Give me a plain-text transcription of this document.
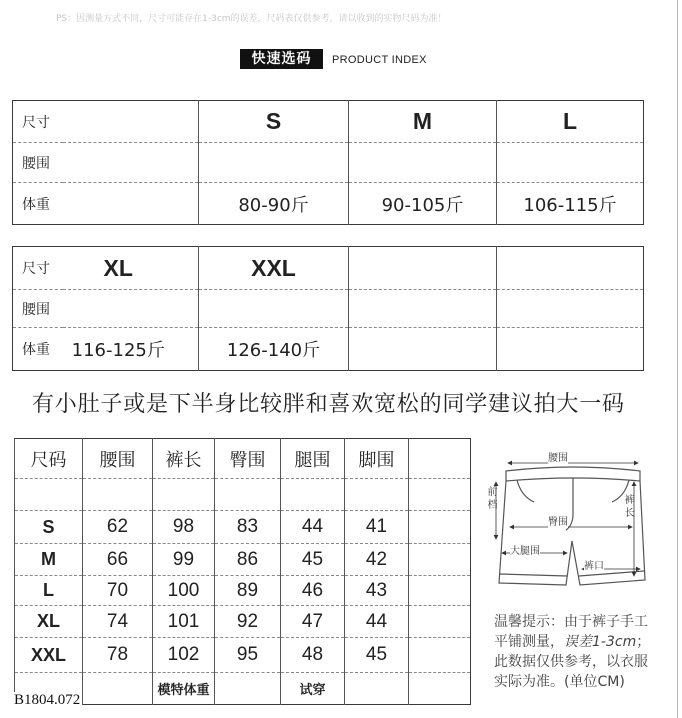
PS：因测量方式不同，尺寸可能存在1-3cm的误差，尺码表仅供参考，请以收到的实物尺码为准！
快速选码	PRODUCT INDEX
尺寸		S	M	L
腰围				
体重		80-90斤	90-105斤	106-115斤
尺寸	XL	XXL		
腰围				
体重	116-125斤	126-140斤		
有小肚子或是下半身比较胖和喜欢宽松的同学建议拍大一码
尺码	腰围	裤长	臀围	腿围	脚围	

S	62	98	83	44	41	
M	66	99	86	45	42	
L	70	100	89	46	43	
XL	74	101	92	47	44	
XXL	78	102	95	48	45	
		模特体重		试穿		
B1804.072
腰围
前档	裤长
臀围
大腿围
裤口
温馨提示：由于裤子手工
平铺测量，误差1-3cm；
此数据仅供参考，以衣服
实际为准。(单位CM)
